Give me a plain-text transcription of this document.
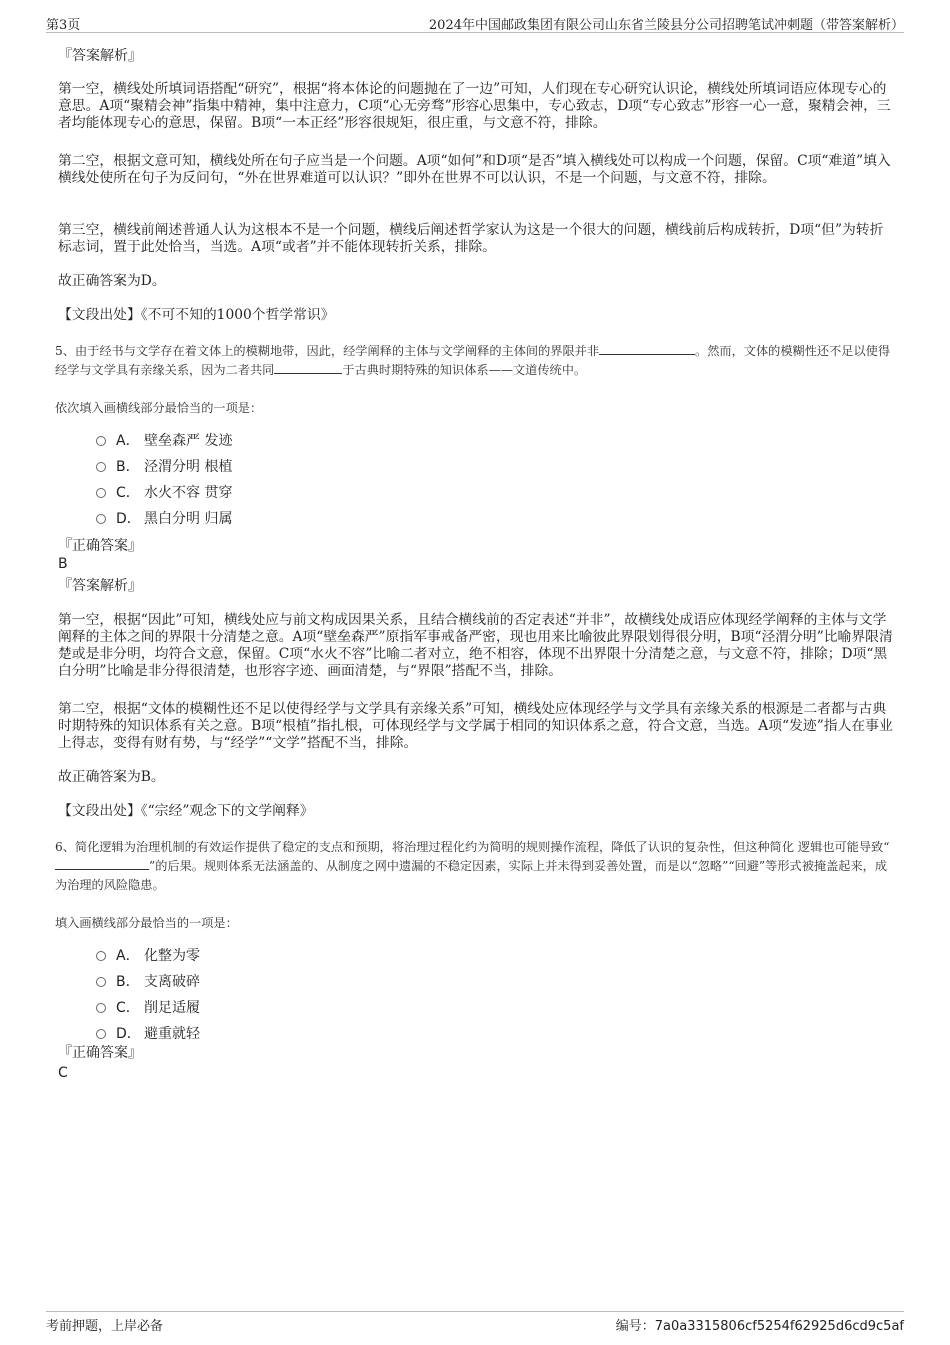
第3页	2024年中国邮政集团有限公司山东省兰陵县分公司招聘笔试冲刺题（带答案解析）
『答案解析』

第一空，横线处所填词语搭配“研究”，根据“将本体论的问题抛在了一边”可知，人们现在专心研究认识论，横线处所填词语应体现专心的意思。A项“聚精会神”指集中精神，集中注意力，C项“心无旁骛”形容心思集中，专心致志，D项“专心致志”形容一心一意，聚精会神，三者均能体现专心的意思，保留。B项“一本正经”形容很规矩，很庄重，与文意不符，排除。

第二空，根据文意可知，横线处所在句子应当是一个问题。A项“如何”和D项“是否”填入横线处可以构成一个问题，保留。C项“难道”填入横线处使所在句子为反问句，“外在世界难道可以认识？”即外在世界不可以认识，不是一个问题，与文意不符，排除。

第三空，横线前阐述普通人认为这根本不是一个问题，横线后阐述哲学家认为这是一个很大的问题，横线前后构成转折，D项“但”为转折标志词，置于此处恰当，当选。A项“或者”并不能体现转折关系，排除。

故正确答案为D。

【文段出处】《不可不知的1000个哲学常识》

5、由于经书与文学存在着文体上的模糊地带，因此，经学阐释的主体与文学阐释的主体间的界限并非	。然而，文体的模糊性还不足以使得经学与文学具有亲缘关系，因为二者共同	于古典时期特殊的知识体系——文道传统中。
依次填入画横线部分最恰当的一项是：
A． 壁垒森严 发迹
B． 泾渭分明 根植
C． 水火不容 贯穿
D． 黑白分明 归属
『正确答案』
B
『答案解析』

第一空，根据“因此”可知，横线处应与前文构成因果关系，且结合横线前的否定表述“并非”，故横线处成语应体现经学阐释的主体与文学阐释的主体之间的界限十分清楚之意。A项“壁垒森严”原指军事戒备严密，现也用来比喻彼此界限划得很分明，B项“泾渭分明”比喻界限清楚或是非分明，均符合文意，保留。C项“水火不容”比喻二者对立，绝不相容，体现不出界限十分清楚之意，与文意不符，排除；D项“黑白分明”比喻是非分得很清楚，也形容字迹、画面清楚，与“界限”搭配不当，排除。

第二空，根据“文体的模糊性还不足以使得经学与文学具有亲缘关系”可知，横线处应体现经学与文学具有亲缘关系的根源是二者都与古典时期特殊的知识体系有关之意。B项“根植”指扎根，可体现经学与文学属于相同的知识体系之意，符合文意，当选。A项“发迹”指人在事业上得志，变得有财有势，与“经学”“文学”搭配不当，排除。

故正确答案为B。

【文段出处】《“宗经”观念下的文学阐释》

6、简化逻辑为治理机制的有效运作提供了稳定的支点和预期，将治理过程化约为简明的规则操作流程，降低了认识的复杂性，但这种简化 逻辑也可能导致“”的后果。规则体系无法涵盖的、从制度之网中遗漏的不稳定因素，实际上并未得到妥善处置，而是以“忽略”“回避”等形式被掩盖起来，成为治理的风险隐患。
填入画横线部分最恰当的一项是：
A． 化整为零
B． 支离破碎
C． 削足适履
D． 避重就轻
『正确答案』
C
考前押题，上岸必备	编号：7a0a3315806cf5254f62925d6cd9c5af
